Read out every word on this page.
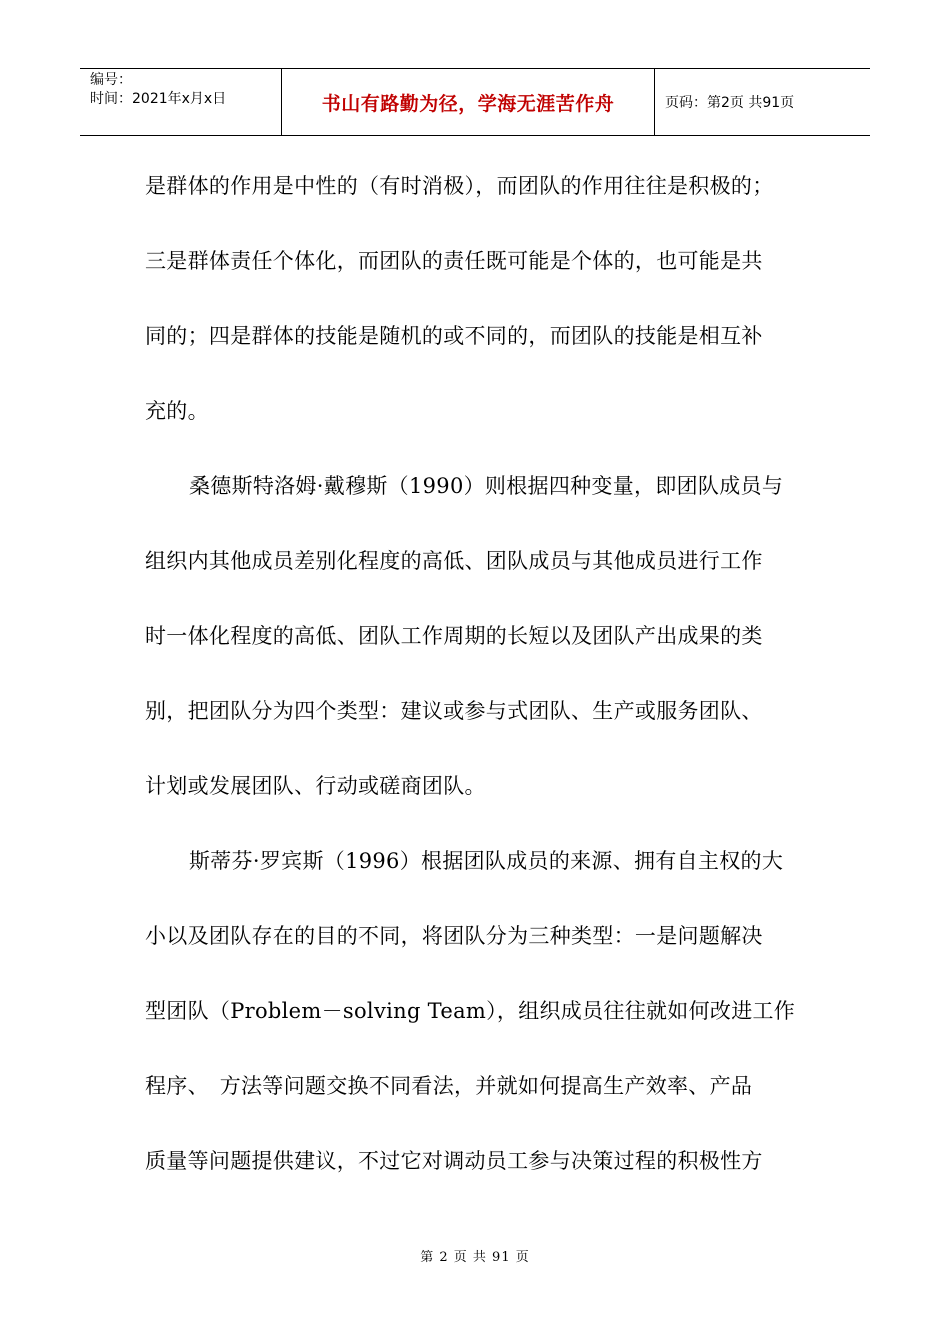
编号：
时间：2021年x月x日	书山有路勤为径，学海无涯苦作舟	页码：第2页 共91页
是群体的作用是中性的（有时消极），而团队的作用往往是积极的；
三是群体责任个体化，而团队的责任既可能是个体的，也可能是共
同的；四是群体的技能是随机的或不同的，而团队的技能是相互补
充的。
桑德斯特洛姆·戴穆斯（1990）则根据四种变量，即团队成员与
组织内其他成员差别化程度的高低、团队成员与其他成员进行工作
时一体化程度的高低、团队工作周期的长短以及团队产出成果的类
别，把团队分为四个类型：建议或参与式团队、生产或服务团队、
计划或发展团队、行动或磋商团队。
斯蒂芬·罗宾斯（1996）根据团队成员的来源、拥有自主权的大
小以及团队存在的目的不同，将团队分为三种类型：一是问题解决
型团队（Problem－solving Team），组织成员往往就如何改进工作
程序、　方法等问题交换不同看法，并就如何提高生产效率、产品
质量等问题提供建议，不过它对调动员工参与决策过程的积极性方
第 2 页 共 91 页
